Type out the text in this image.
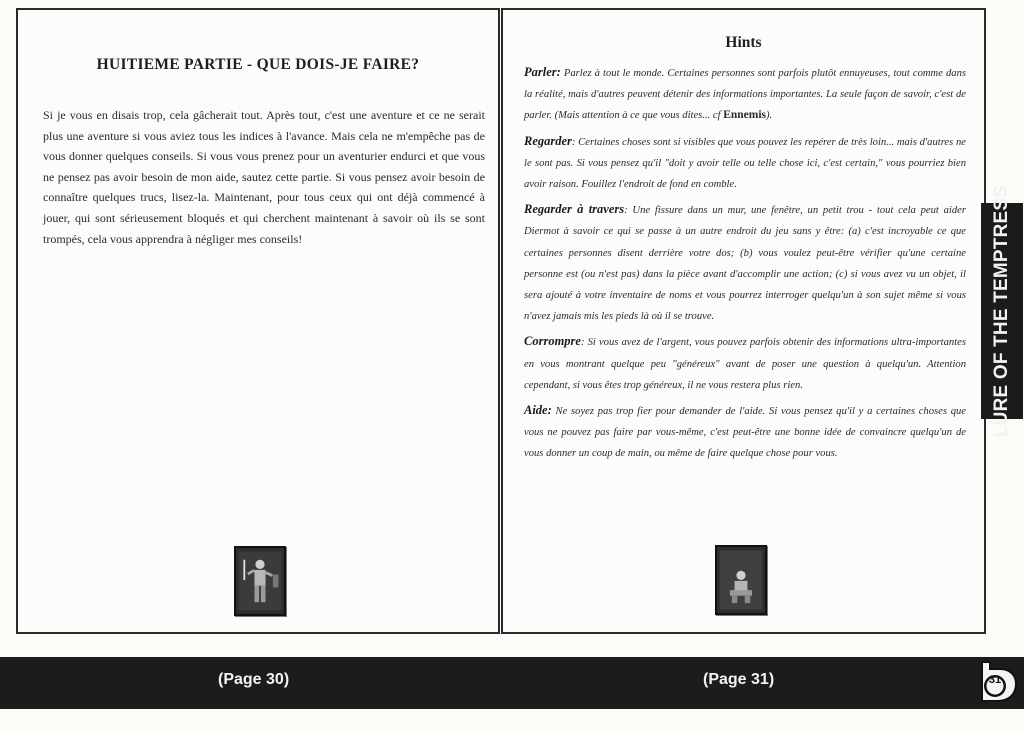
HUITIEME PARTIE - QUE DOIS-JE FAIRE?

Si je vous en disais trop, cela gâcherait tout. Après tout, c'est une aventure et ce ne serait plus une aventure si vous aviez tous les indices à l'avance. Mais cela ne m'empêche pas de vous donner quelques conseils. Si vous vous prenez pour un aventurier endurci et que vous ne pensez pas avoir besoin de mon aide, sautez cette partie. Si vous pensez avoir besoin de connaître quelques trucs, lisez-la. Maintenant, pour tous ceux qui ont déjà commencé à jouer, qui sont sérieusement bloqués et qui cherchent maintenant à savoir où ils se sont trompés, cela vous apprendra à négliger mes conseils!

Hints

Parler: Parlez à tout le monde. Certaines personnes sont parfois plutôt ennuyeuses, tout comme dans la réalité, mais d'autres peuvent détenir des informations importantes. La seule façon de savoir, c'est de parler. (Mais attention à ce que vous dites... cf Ennemis).

Regarder: Certaines choses sont si visibles que vous pouvez les repérer de très loin... mais d'autres ne le sont pas. Si vous pensez qu'il "doit y avoir telle ou telle chose ici, c'est certain," vous pourriez bien avoir raison. Fouillez l'endroit de fond en comble.

Regarder à travers: Une fissure dans un mur, une fenêtre, un petit trou - tout cela peut aider Diermot à savoir ce qui se passe à un autre endroit du jeu sans y être: (a) c'est incroyable ce que certaines personnes disent derrière votre dos; (b) vous voulez peut-être vérifier qu'une certaine personne est (ou n'est pas) dans la pièce avant d'accomplir une action; (c) si vous avez vu un objet, il sera ajouté à votre inventaire de noms et vous pourrez interroger quelqu'un à son sujet même si vous n'avez jamais mis les pieds là où il se trouve.

Corrompre: Si vous avez de l'argent, vous pouvez parfois obtenir des informations ultra-importantes en vous montrant quelque peu "généreux" avant de poser une question à quelqu'un. Attention cependant, si vous êtes trop généreux, il ne vous restera plus rien.

Aide: Ne soyez pas trop fier pour demander de l'aide. Si vous pensez qu'il y a certaines choses que vous ne pouvez pas faire par vous-même, c'est peut-être une bonne idée de convaincre quelqu'un de vous donner un coup de main, ou même de faire quelque chose pour vous.

LURE OF THE TEMPTRESS
(Page 30)	(Page 31)	31
